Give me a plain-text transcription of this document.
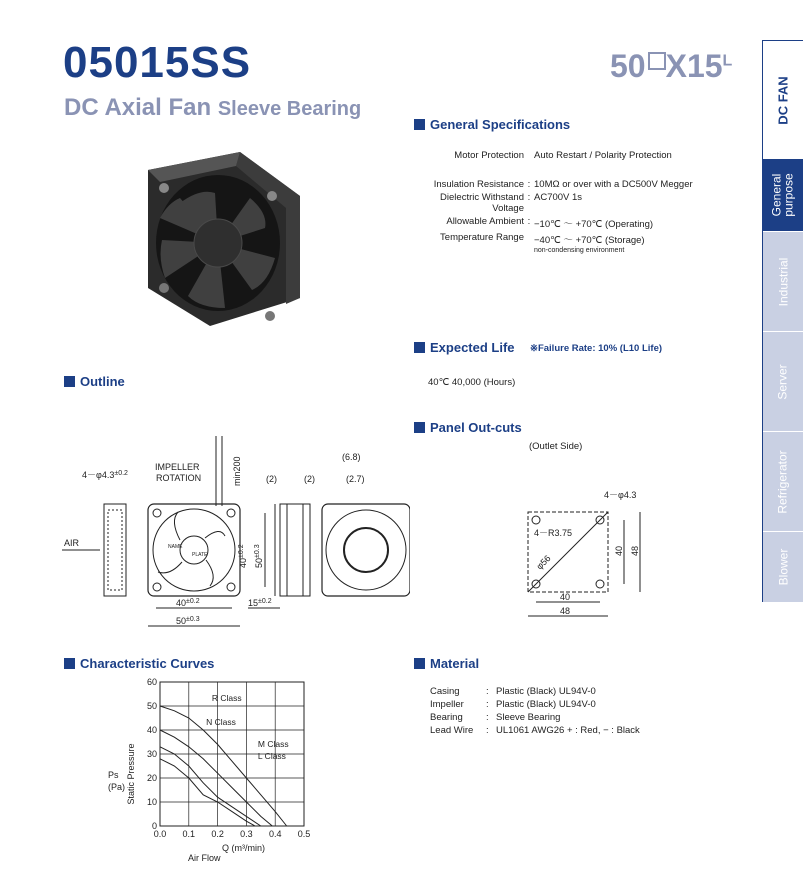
05015SS
DC Axial Fan Sleeve Bearing
50 $X15^L$
DC FAN
General purpose
Industrial
Server
Refrigerator
Blower
General Specifications
Motor Protection Auto Restart / Polarity Protection
Insulation Resistance : 10MΩ or over with a DC500V Megger
Dielectric Withstand Voltage
: AC700V 1s
Allowable Ambient : −10℃ ～ +70℃ (Operating)
Temperature Range −40℃ ～ +70℃ (Storage)
non-condensing environment
Expected Life ※Failure Rate: 10% (L10 Life)
40℃ 40,000 (Hours)
Outline
$4-\varphi 4.3^{\pm 0.2}$
IMPELLER
ROTATION	min200
AIR	NAME
PLATE
$40^{\pm 0.2}$
$50^{\pm 0.3}$
$15^{\pm 0.2}$
$40^{\pm 0.2}$
$50^{\pm 0.3}$
(2)	(2)
(6.8)
(2.7)
Panel Out-cuts
(Outlet Side)
4－φ4.3
4－R3.75
φ56
40
48
40 48
Characteristic Curves
0.0 0.1 0.2 0.3 0.4 0.5
0
10
20
30
40
50
60
R Class
N Class
M Class
L Class
Static Pressure
Ps
(Pa)
Q (m³/min)
Air Flow
Material
Casing	: Plastic (Black) UL94V-0
Impeller	: Plastic (Black) UL94V-0
Bearing	: Sleeve Bearing
Lead Wire	: UL1061 AWG26 + : Red, − : Black
